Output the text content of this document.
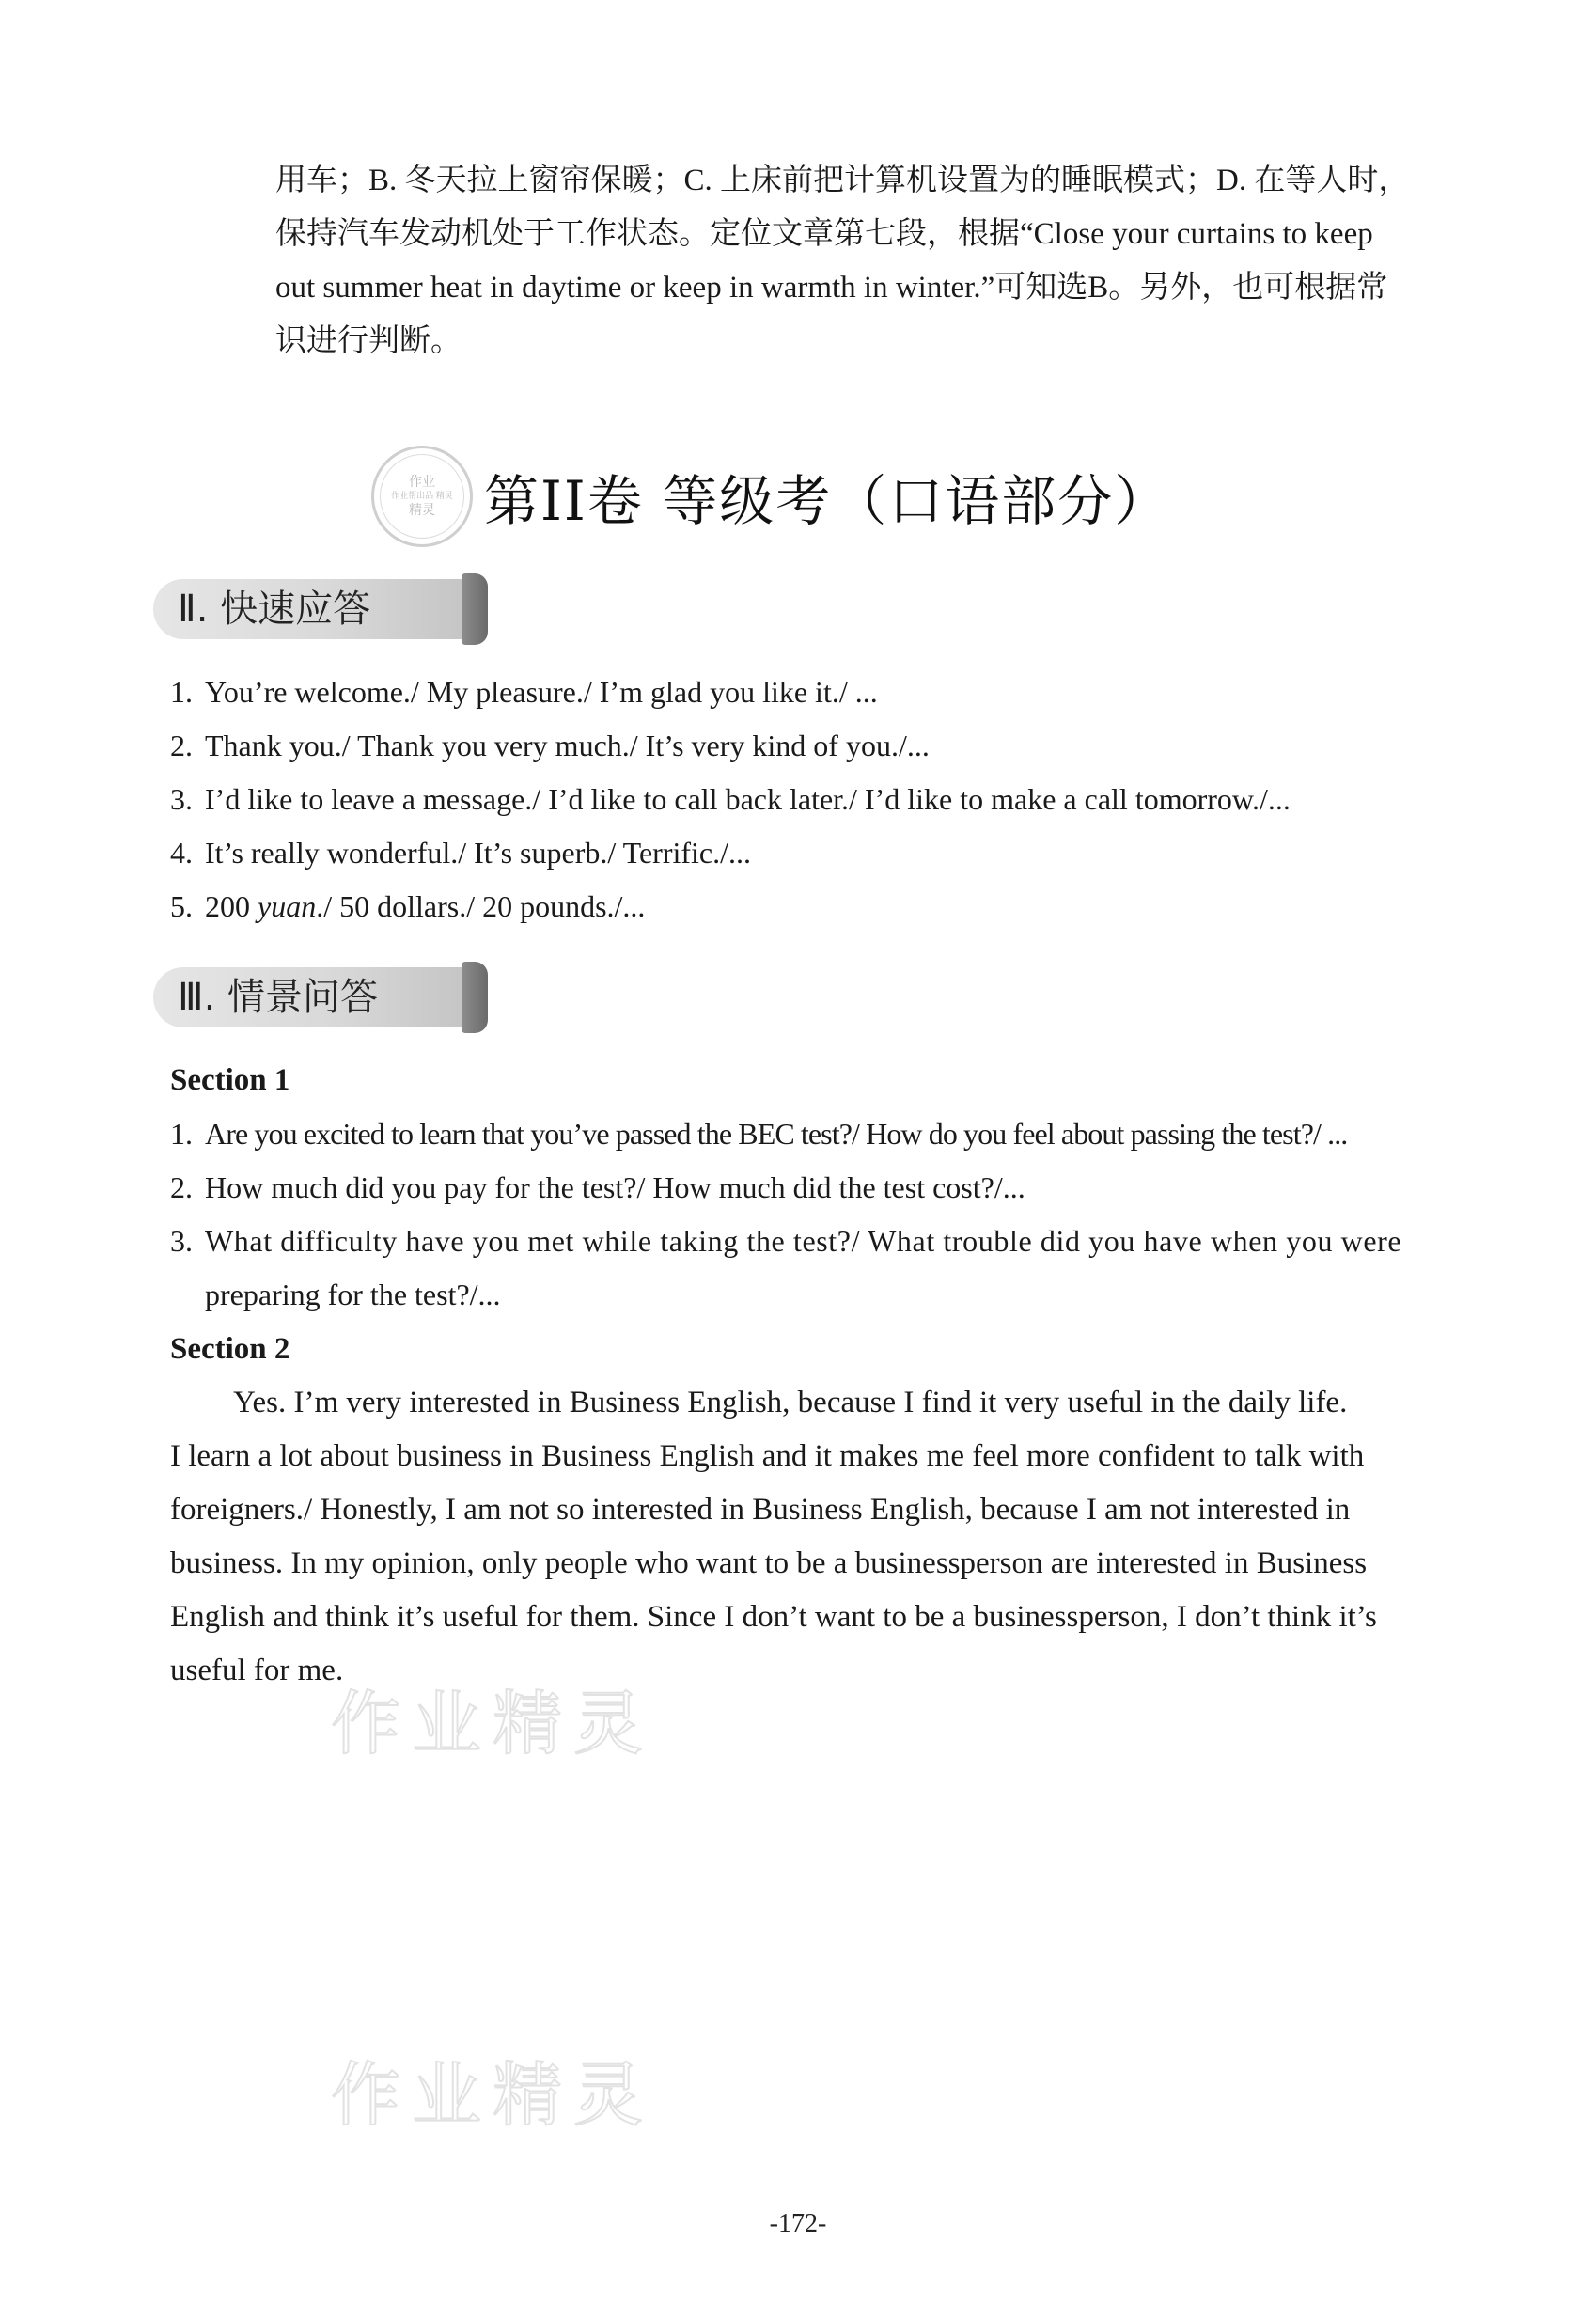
用车；B. 冬天拉上窗帘保暖；C. 上床前把计算机设置为的睡眠模式；D. 在等人时，
保持汽车发动机处于工作状态。定位文章第七段，根据“Close your curtains to keep
out summer heat in daytime or keep in warmth in winter.”可知选B。另外，也可根据常
识进行判断。
作业
作业帮出品 精灵
精灵 第II卷 等级考（口语部分）
Ⅱ. 快速应答
1. You’re welcome./ My pleasure./ I’m glad you like it./ ...
2. Thank you./ Thank you very much./ It’s very kind of you./...
3. I’d like to leave a message./ I’d like to call back later./ I’d like to make a call tomorrow./...
4. It’s really wonderful./ It’s superb./ Terrific./...
5. 200 yuan./ 50 dollars./ 20 pounds./...
Ⅲ. 情景问答
Section 1
1. Are you excited to learn that you’ve passed the BEC test?/ How do you feel about passing the test?/ ...
2. How much did you pay for the test?/ How much did the test cost?/...
3. What difficulty have you met while taking the test?/ What trouble did you have when you were
preparing for the test?/...
Section 2
Yes. I’m very interested in Business English, because I find it very useful in the daily life.
I learn a lot about business in Business English and it makes me feel more confident to talk with
foreigners./ Honestly, I am not so interested in Business English, because I am not interested in
business. In my opinion, only people who want to be a businessperson are interested in Business
English and think it’s useful for them. Since I don’t want to be a businessperson, I don’t think it’s
useful for me.
作业精灵
作业精灵
-172-
